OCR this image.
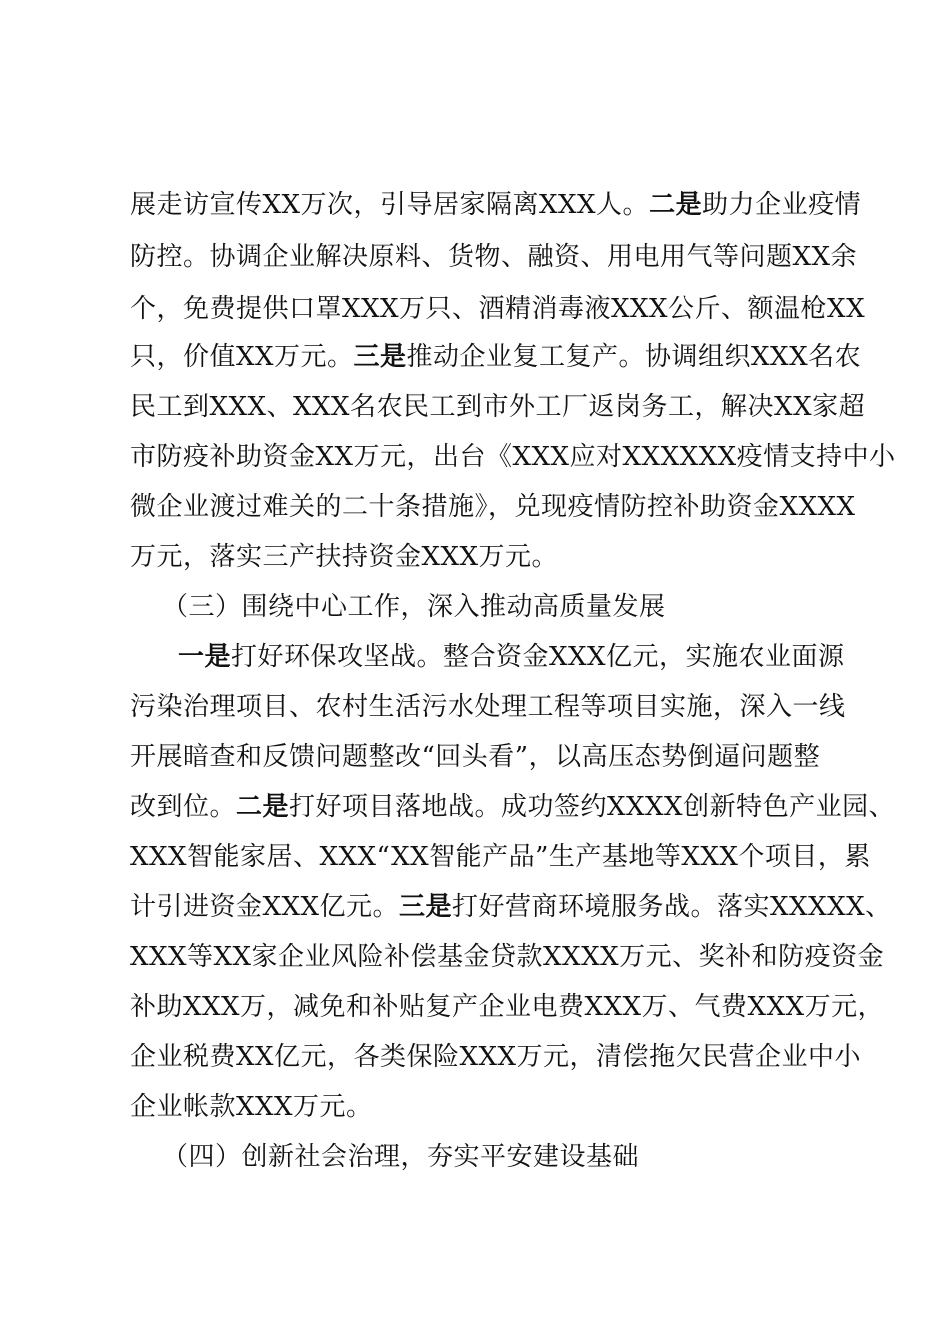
展走访宣传XX万次，引导居家隔离XXX人。二是助力企业疫情
防控。协调企业解决原料、货物、融资、用电用气等问题XX余
个，免费提供口罩XXX万只、酒精消毒液XXX公斤、额温枪XX
只，价值XX万元。三是推动企业复工复产。协调组织XXX名农
民工到XXX、XXX名农民工到市外工厂返岗务工，解决XX家超
市防疫补助资金XX万元，出台《XXX应对XXXXXX疫情支持中小
微企业渡过难关的二十条措施》，兑现疫情防控补助资金XXXX
万元，落实三产扶持资金XXX万元。
（三）围绕中心工作，深入推动高质量发展
一是打好环保攻坚战。整合资金XXX亿元，实施农业面源
污染治理项目、农村生活污水处理工程等项目实施，深入一线
开展暗查和反馈问题整改“回头看”，以高压态势倒逼问题整
改到位。二是打好项目落地战。成功签约XXXX创新特色产业园、
XXX智能家居、XXX“XX智能产品”生产基地等XXX个项目，累
计引进资金XXX亿元。三是打好营商环境服务战。落实XXXXX、
XXX等XX家企业风险补偿基金贷款XXXX万元、奖补和防疫资金
补助XXX万，减免和补贴复产企业电费XXX万、气费XXX万元，
企业税费XX亿元，各类保险XXX万元，清偿拖欠民营企业中小
企业帐款XXX万元。
（四）创新社会治理，夯实平安建设基础
